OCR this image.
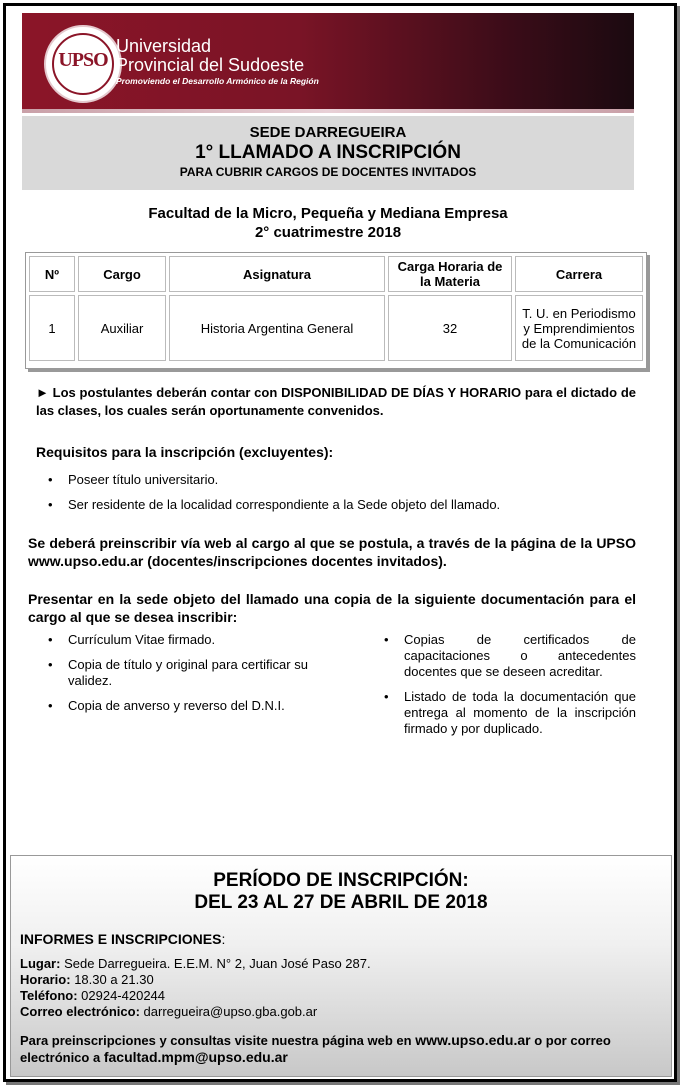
UPSO
Universidad
Provincial del Sudoeste
Promoviendo el Desarrollo Armónico de la Región
SEDE DARREGUEIRA
1° LLAMADO A INSCRIPCIÓN
PARA CUBRIR CARGOS DE DOCENTES INVITADOS
Facultad de la Micro, Pequeña y Mediana Empresa
2° cuatrimestre 2018
Nº	Cargo	Asignatura	Carga Horaria de la Materia	Carrera
1	Auxiliar	Historia Argentina General	32	T. U. en Periodismo y Emprendimientos de la Comunicación
► Los postulantes deberán contar con DISPONIBILIDAD DE DÍAS Y HORARIO para el dictado de las clases, los cuales serán oportunamente convenidos.
Requisitos para la inscripción (excluyentes):
• Poseer título universitario.
• Ser residente de la localidad correspondiente a la Sede objeto del llamado.
Se deberá preinscribir vía web al cargo al que se postula, a través de la página de la UPSO www.upso.edu.ar (docentes/inscripciones docentes invitados).
Presentar en la sede objeto del llamado una copia de la siguiente documentación para el cargo al que se desea inscribir:
• Currículum Vitae firmado.
• Copia de título y original para certificar su validez.
• Copia de anverso y reverso del D.N.I.
• Copias de certificados de capacitaciones o antecedentes docentes que se deseen acreditar.
• Listado de toda la documentación que entrega al momento de la inscripción firmado y por duplicado.
PERÍODO DE INSCRIPCIÓN:
DEL 23 AL 27 DE ABRIL DE 2018
INFORMES E INSCRIPCIONES:
Lugar: Sede Darregueira. E.E.M. N° 2, Juan José Paso 287.
Horario: 18.30 a 21.30
Teléfono: 02924-420244
Correo electrónico: darregueira@upso.gba.gob.ar
Para preinscripciones y consultas visite nuestra página web en www.upso.edu.ar o por correo electrónico a facultad.mpm@upso.edu.ar
